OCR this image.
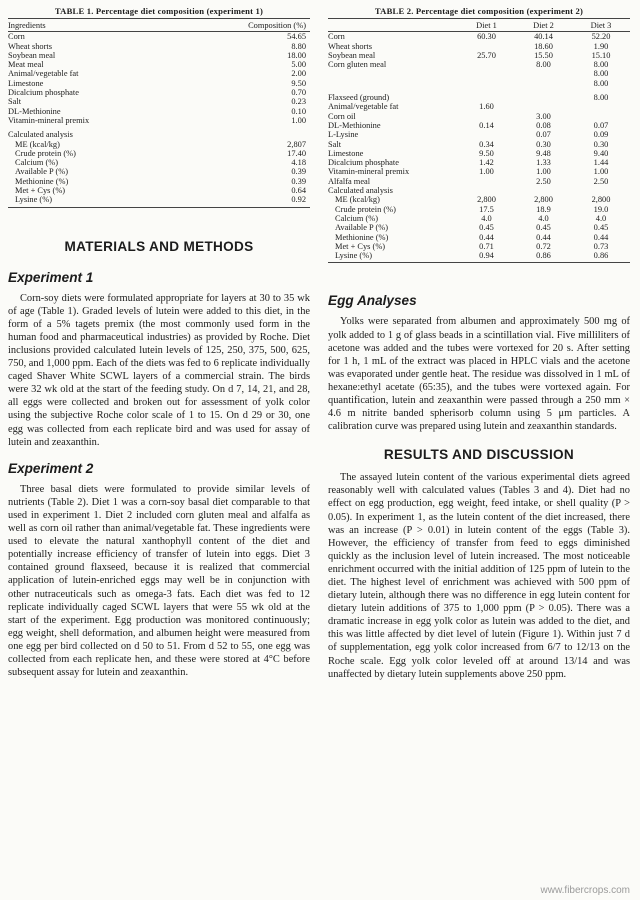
TABLE 1. Percentage diet composition (experiment 1)
Ingredients	Composition (%)
Corn	54.65
Wheat shorts	8.80
Soybean meal	18.00
Meat meal	5.00
Animal/vegetable fat	2.00
Limestone	9.50
Dicalcium phosphate	0.70
Salt	0.23
DL-Methionine	0.10
Vitamin-mineral premix	1.00
Calculated analysis	
ME (kcal/kg)	2,807
Crude protein (%)	17.40
Calcium (%)	4.18
Available P (%)	0.39
Methionine (%)	0.39
Met + Cys (%)	0.64
Lysine (%)	0.92
MATERIALS AND METHODS
Experiment 1

Corn-soy diets were formulated appropriate for layers at 30 to 35 wk of age (Table 1). Graded levels of lutein were added to this diet, in the form of a 5% tagets premix (the most commonly used form in the human food and pharmaceutical industries) as provided by Roche. Diet inclusions provided calculated lutein levels of 125, 250, 375, 500, 625, 750, and 1,000 ppm. Each of the diets was fed to 6 replicate individually caged Shaver White SCWL layers of a commercial strain. The birds were 32 wk old at the start of the feeding study. On d 7, 14, 21, and 28, all eggs were collected and broken out for assessment of yolk color using the subjective Roche color scale of 1 to 15. On d 29 or 30, one egg was collected from each replicate bird and was used for assay of lutein and zeaxanthin.

Experiment 2

Three basal diets were formulated to provide similar levels of nutrients (Table 2). Diet 1 was a corn-soy basal diet comparable to that used in experiment 1. Diet 2 included corn gluten meal and alfalfa as well as corn oil rather than animal/vegetable fat. These ingredients were used to elevate the natural xanthophyll content of the diet and potentially increase efficiency of transfer of lutein into eggs. Diet 3 contained ground flaxseed, because it is realized that commercial application of lutein-enriched eggs may well be in conjunction with other nutraceuticals such as omega-3 fats. Each diet was fed to 12 replicate individually caged SCWL layers that were 55 wk old at the start of the experiment. Egg production was monitored continuously; egg weight, shell deformation, and albumen height were measured from one egg per bird collected on d 50 to 51. From d 52 to 55, one egg was collected from each replicate hen, and these were stored at 4°C before subsequent assay for lutein and zeaxanthin.

TABLE 2. Percentage diet composition (experiment 2)
	Diet 1	Diet 2	Diet 3
Corn	60.30	40.14	52.20
Wheat shorts		18.60	1.90
Soybean meal	25.70	15.50	15.10
Corn gluten meal		8.00	8.00
			8.00
			8.00
Flaxseed (ground)			8.00
Animal/vegetable fat	1.60		
Corn oil		3.00	
DL-Methionine	0.14	0.08	0.07
L-Lysine		0.07	0.09
Salt	0.34	0.30	0.30
Limestone	9.50	9.48	9.40
Dicalcium phosphate	1.42	1.33	1.44
Vitamin-mineral premix	1.00	1.00	1.00
Alfalfa meal		2.50	2.50
Calculated analysis			
ME (kcal/kg)	2,800	2,800	2,800
Crude protein (%)	17.5	18.9	19.0
Calcium (%)	4.0	4.0	4.0
Available P (%)	0.45	0.45	0.45
Methionine (%)	0.44	0.44	0.44
Met + Cys (%)	0.71	0.72	0.73
Lysine (%)	0.94	0.86	0.86
Egg Analyses

Yolks were separated from albumen and approximately 500 mg of yolk added to 1 g of glass beads in a scintillation vial. Five milliliters of acetone was added and the tubes were vortexed for 20 s. After setting for 1 h, 1 mL of the extract was placed in HPLC vials and the acetone was evaporated under gentle heat. The residue was dissolved in 1 mL of hexane:ethyl acetate (65:35), and the tubes were vortexed again. For quantification, lutein and zeaxanthin were passed through a 250 mm × 4.6 m nitrite banded spherisorb column using 5 μm particles. A calibration curve was prepared using lutein and zeaxanthin standards.

RESULTS AND DISCUSSION

The assayed lutein content of the various experimental diets agreed reasonably well with calculated values (Tables 3 and 4). Diet had no effect on egg production, egg weight, feed intake, or shell quality (P > 0.05). In experiment 1, as the lutein content of the diet increased, there was an increase (P > 0.01) in lutein content of the eggs (Table 3). However, the efficiency of transfer from feed to eggs diminished quickly as the inclusion level of lutein increased. The most noticeable enrichment occurred with the initial addition of 125 ppm of lutein to the diet. The highest level of enrichment was achieved with 500 ppm of dietary lutein, although there was no difference in egg lutein content for dietary lutein additions of 375 to 1,000 ppm (P > 0.05). There was a dramatic increase in egg yolk color as lutein was added to the diet, and this was little affected by diet level of lutein (Figure 1). Within just 7 d of supplementation, egg yolk color increased from 6/7 to 12/13 on the Roche scale. Egg yolk color leveled off at around 13/14 and was unaffected by dietary lutein supplements above 250 ppm.

www.fibercrops.com
